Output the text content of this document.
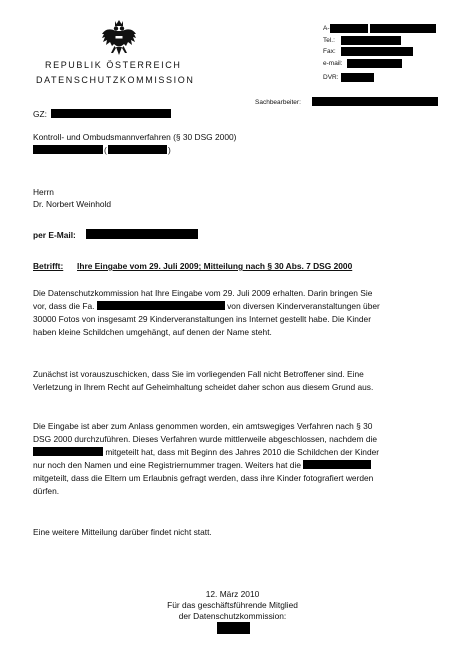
REPUBLIK ÖSTERREICH
DATENSCHUTZKOMMISSION
A-
Tel.:
Fax:
e-mail:
DVR:
Sachbearbeiter:
GZ:
Kontroll- und Ombudsmannverfahren (§ 30 DSG 2000)
(	)
Herrn
Dr. Norbert Weinhold
per E-Mail:
Betrifft: Ihre Eingabe vom 29. Juli 2009; Mitteilung nach § 30 Abs. 7 DSG 2000
Die Datenschutzkommission hat Ihre Eingabe vom 29. Juli 2009 erhalten. Darin bringen Sie
vor, dass die Fa.	von diversen Kinderveranstaltungen über
30000 Fotos von insgesamt 29 Kinderveranstaltungen ins Internet gestellt habe. Die Kinder
haben kleine Schildchen umgehängt, auf denen der Name steht.
Zunächst ist vorauszuschicken, dass Sie im vorliegenden Fall nicht Betroffener sind. Eine
Verletzung in Ihrem Recht auf Geheimhaltung scheidet daher schon aus diesem Grund aus.
Die Eingabe ist aber zum Anlass genommen worden, ein amtswegiges Verfahren nach § 30
DSG 2000 durchzuführen. Dieses Verfahren wurde mittlerweile abgeschlossen, nachdem die
mitgeteilt hat, dass mit Beginn des Jahres 2010 die Schildchen der Kinder
nur noch den Namen und eine Registriernummer tragen. Weiters hat die
mitgeteilt, dass die Eltern um Erlaubnis gefragt werden, dass ihre Kinder fotografiert werden
dürfen.
Eine weitere Mitteilung darüber findet nicht statt.
12. März 2010
Für das geschäftsführende Mitglied
der Datenschutzkommission:
